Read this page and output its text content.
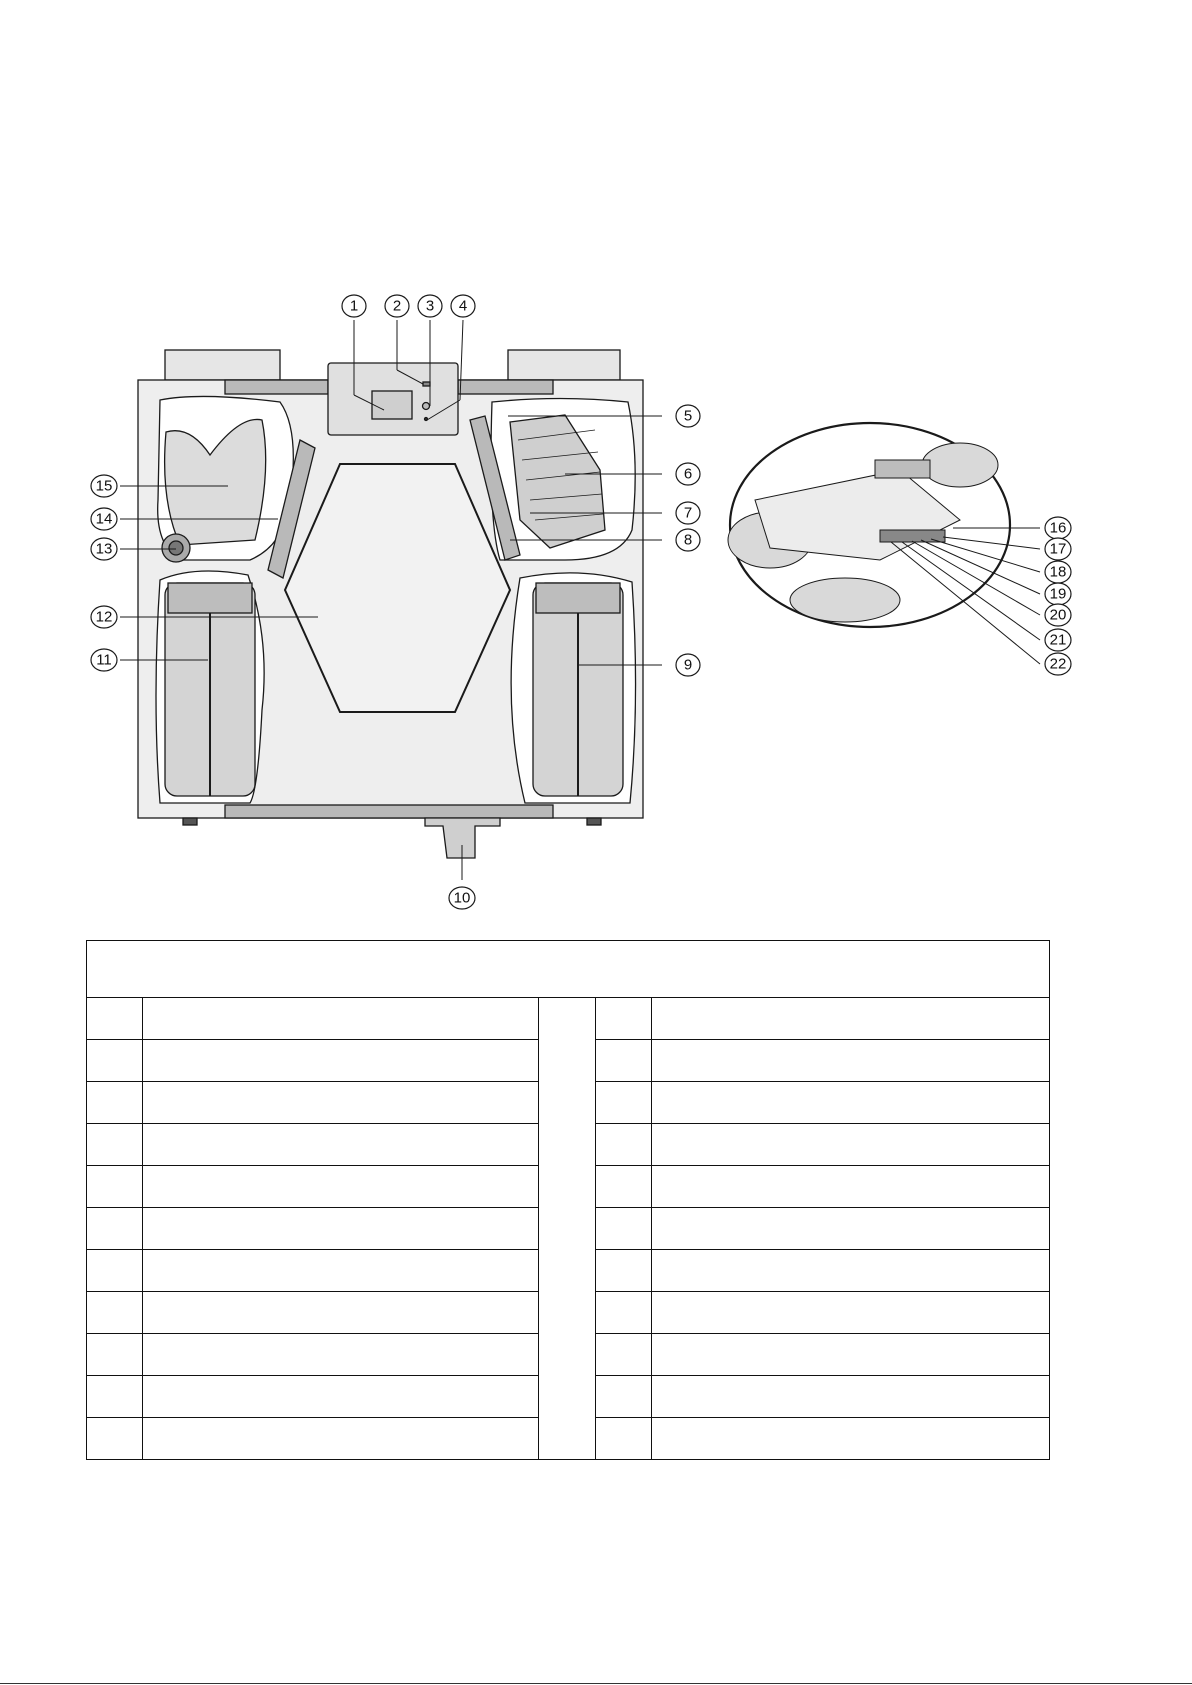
1 2 3 4
5
6
7
8
9
10
11
12
13
14
15
16
17
18
19
20
21
22
